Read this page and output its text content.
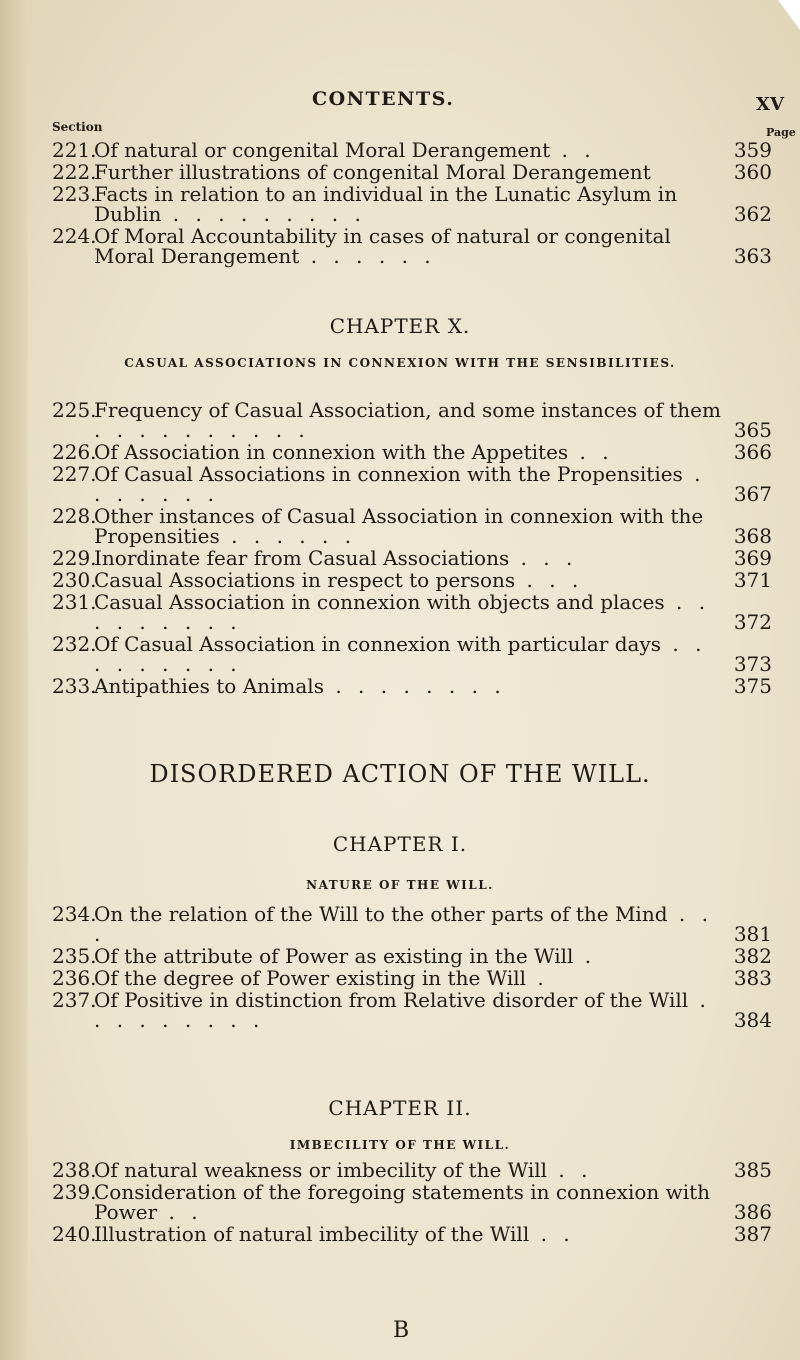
CONTENTS.	XV
Section	Page
221.
Of natural or congenital Moral Derangement . .	359
222.
Further illustrations of congenital Moral Derangement	360
223.
Facts in relation to an individual in the Lunatic Asylum in Dublin . . . . . . . . .	362
224.
Of Moral Accountability in cases of natural or congenital Moral Derangement . . . . . .	363
CHAPTER X.
CASUAL ASSOCIATIONS IN CONNEXION WITH THE SENSIBILITIES.
225.
Frequency of Casual Association, and some instances of them . . . . . . . . . .	365
226.
Of Association in connexion with the Appetites . .	366
227.
Of Casual Associations in connexion with the Propensities . . . . . . .	367
228.
Other instances of Casual Association in connexion with the Propensities . . . . . .	368
229.
Inordinate fear from Casual Associations . . .	369
230.
Casual Associations in respect to persons . . .	371
231.
Casual Association in connexion with objects and places . . . . . . . . .	372
232.
Of Casual Association in connexion with particular days . . . . . . . . .	373
233.
Antipathies to Animals . . . . . . . .	375
DISORDERED ACTION OF THE WILL.
CHAPTER I.
NATURE OF THE WILL.
234.
On the relation of the Will to the other parts of the Mind . . .	381
235.
Of the attribute of Power as existing in the Will .	382
236.
Of the degree of Power existing in the Will .	383
237.
Of Positive in distinction from Relative disorder of the Will . . . . . . . . .	384
CHAPTER II.
IMBECILITY OF THE WILL.
238.
Of natural weakness or imbecility of the Will . .	385
239.
Consideration of the foregoing statements in connexion with Power . .	386
240.
Illustration of natural imbecility of the Will . .	387
B
